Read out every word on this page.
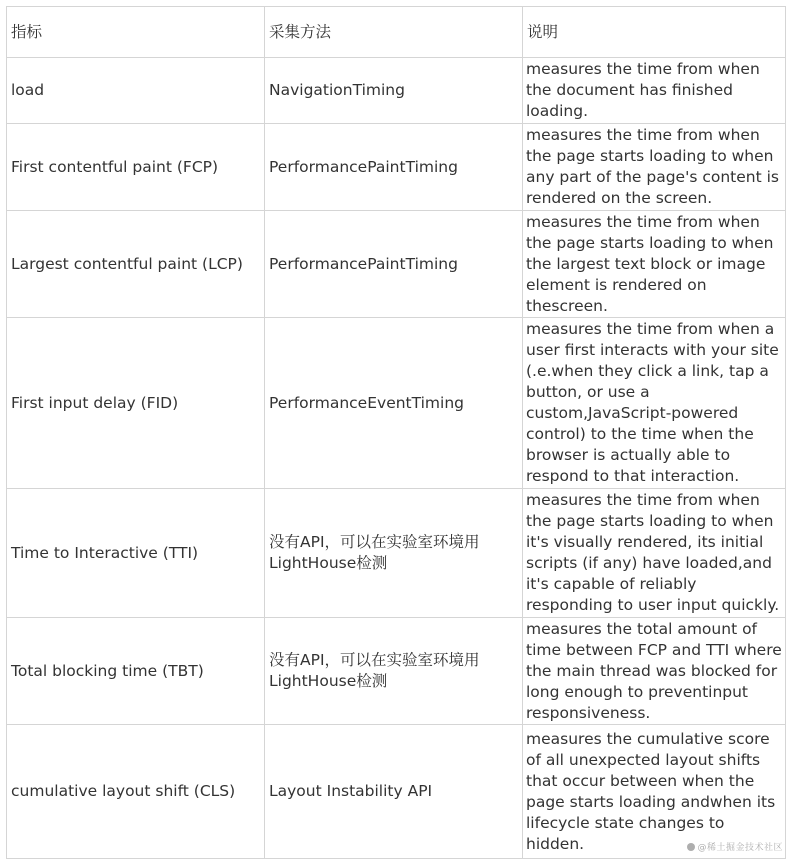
指标	采集方法	说明
load	NavigationTiming	measures the time from when the document has finished loading.
First contentful paint (FCP)	PerformancePaintTiming	measures the time from when the page starts loading to when any part of the page's content is rendered on the screen.
Largest contentful paint (LCP)	PerformancePaintTiming	measures the time from when the page starts loading to when the largest text block or image element is rendered on thescreen.
First input delay (FID)	PerformanceEventTiming	measures the time from when a user first interacts with your site (.e.when they click a link, tap a button, or use a custom,JavaScript-powered control) to the time when the browser is actually able to respond to that interaction.
Time to Interactive (TTI)	没有API，可以在实验室环境用LightHouse检测	measures the time from when the page starts loading to when it's visually rendered, its initial scripts (if any) have loaded,and it's capable of reliably responding to user input quickly.
Total blocking time (TBT)	没有API，可以在实验室环境用LightHouse检测	measures the total amount of time between FCP and TTI where the main thread was blocked for long enough to preventinput responsiveness.
cumulative layout shift (CLS)	Layout Instability API	measures the cumulative score of all unexpected layout shifts that occur between when the page starts loading andwhen its lifecycle state changes to hidden.	@稀土掘金技术社区
